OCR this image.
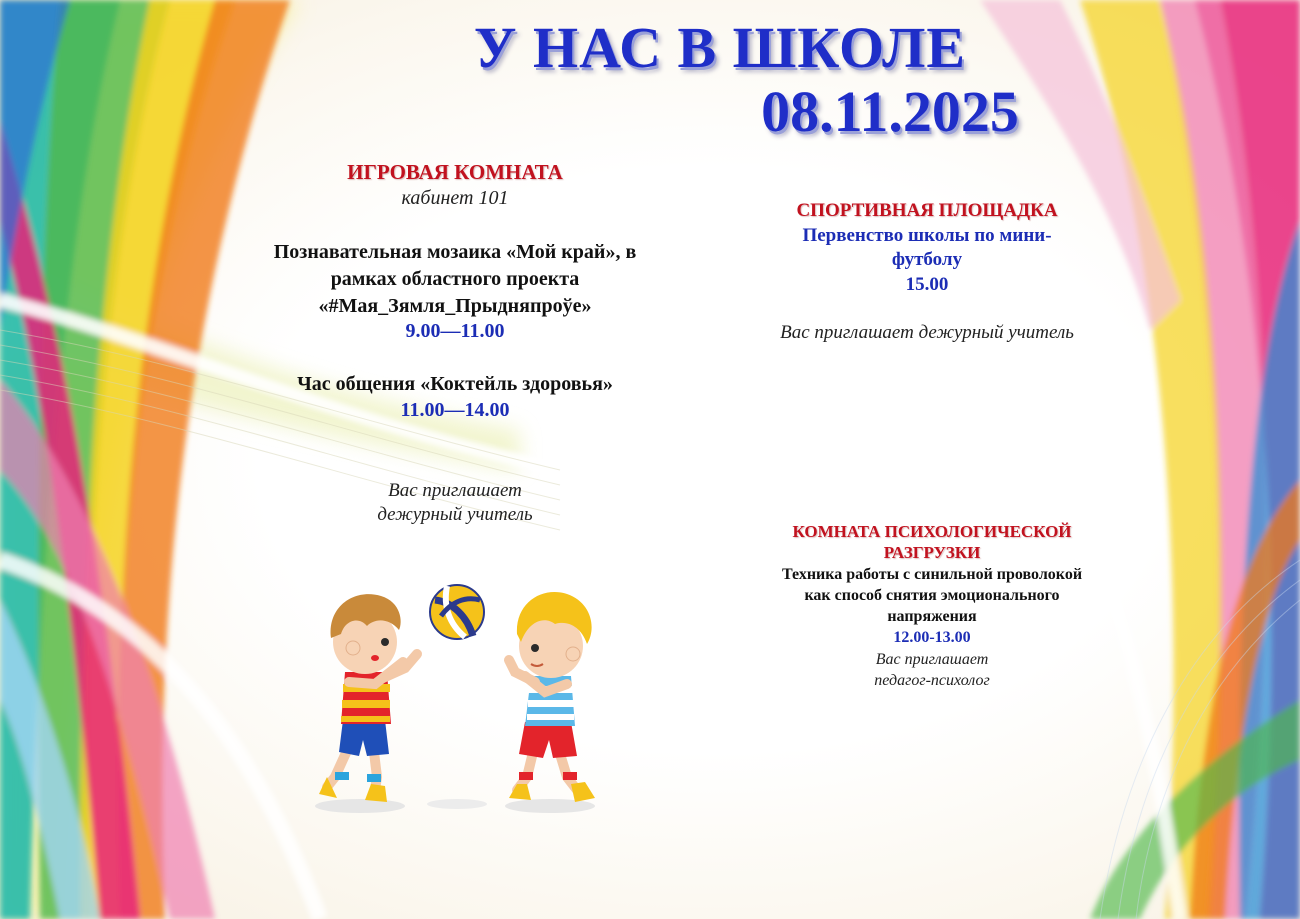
У НАС В ШКОЛЕ
08.11.2025
ИГРОВАЯ КОМНАТА
кабинет 101
Познавательная мозаика «Мой край», в
рамках областного проекта
«#Мая_Зямля_Прыдняпроўе»
9.00—11.00
Час общения «Коктейль здоровья»
11.00—14.00
Вас приглашает
дежурный учитель
СПОРТИВНАЯ ПЛОЩАДКА
Первенство школы по мини-
футболу
15.00
Вас приглашает дежурный учитель
КОМНАТА ПСИХОЛОГИЧЕСКОЙ
РАЗГРУЗКИ
Техника работы с синильной проволокой
как способ снятия эмоционального
напряжения
12.00-13.00
Вас приглашает
педагог-психолог
